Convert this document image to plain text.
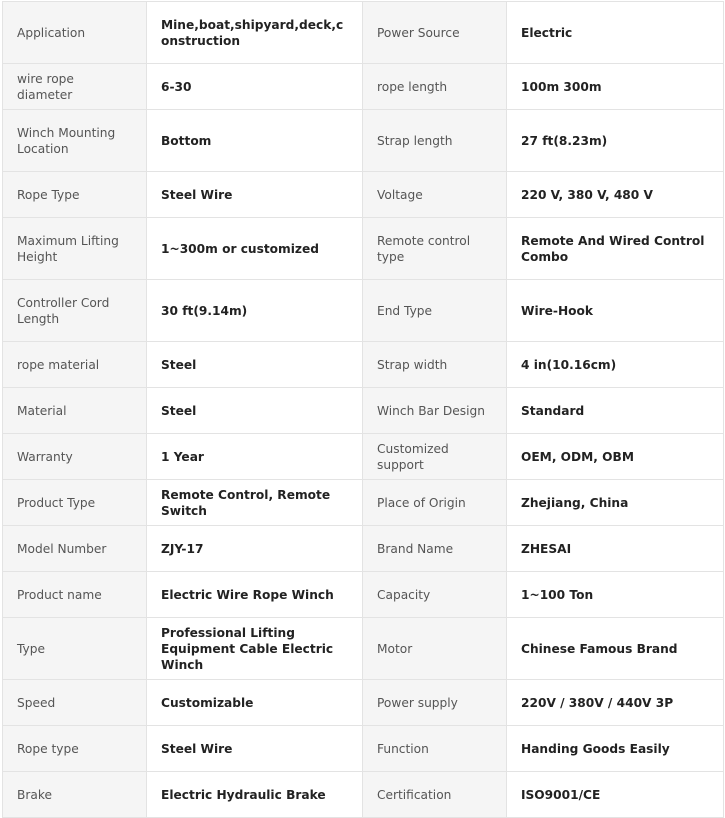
Application	Mine,boat,shipyard,deck,construction	Power Source	Electric
wire rope diameter	6-30	rope length	100m 300m
Winch Mounting Location	Bottom	Strap length	27 ft(8.23m)
Rope Type	Steel Wire	Voltage	220 V, 380 V, 480 V
Maximum Lifting Height	1~300m or customized	Remote control type	Remote And Wired Control Combo
Controller Cord Length	30 ft(9.14m)	End Type	Wire-Hook
rope material	Steel	Strap width	4 in(10.16cm)
Material	Steel	Winch Bar Design	Standard
Warranty	1 Year	Customized support	OEM, ODM, OBM
Product Type	Remote Control, Remote Switch	Place of Origin	Zhejiang, China
Model Number	ZJY-17	Brand Name	ZHESAI
Product name	Electric Wire Rope Winch	Capacity	1~100 Ton
Type	Professional Lifting Equipment Cable Electric Winch	Motor	Chinese Famous Brand
Speed	Customizable	Power supply	220V / 380V / 440V 3P
Rope type	Steel Wire	Function	Handing Goods Easily
Brake	Electric Hydraulic Brake	Certification	ISO9001/CE
